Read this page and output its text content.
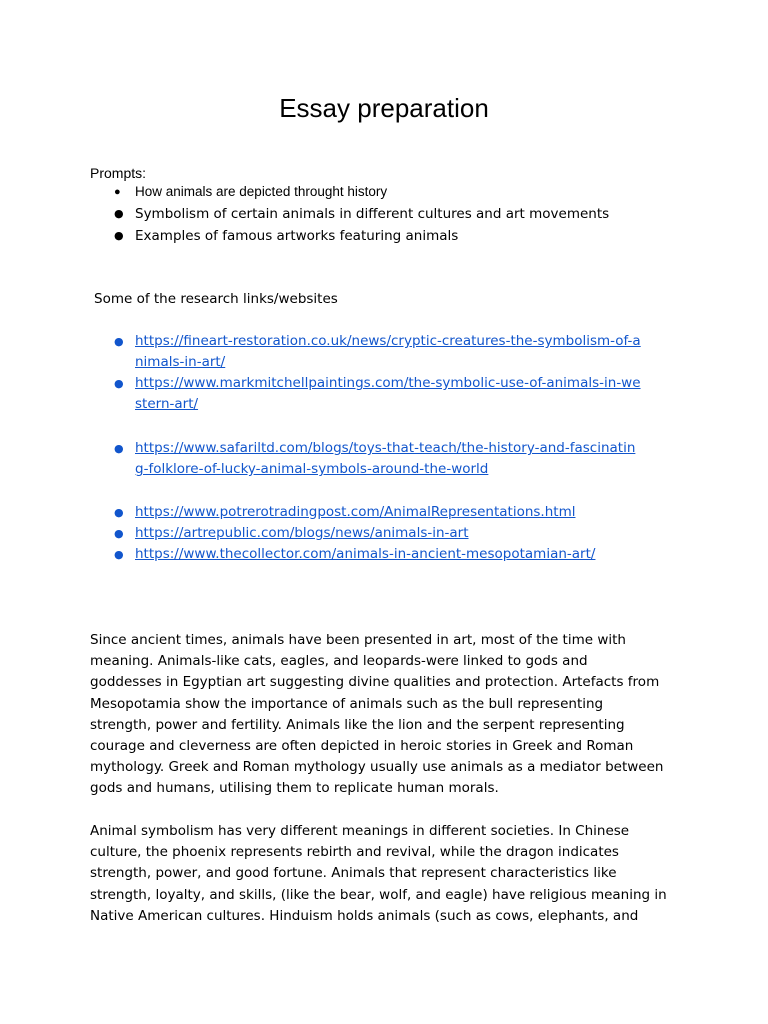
Essay preparation
Prompts:
● How animals are depicted throught history
● Symbolism of certain animals in different cultures and art movements
● Examples of famous artworks featuring animals
Some of the research links/websites
● https://fineart-restoration.co.uk/news/cryptic-creatures-the-symbolism-of-a
nimals-in-art/
● https://www.markmitchellpaintings.com/the-symbolic-use-of-animals-in-we
stern-art/
● https://www.safariltd.com/blogs/toys-that-teach/the-history-and-fascinatin
g-folklore-of-lucky-animal-symbols-around-the-world
● https://www.potrerotradingpost.com/AnimalRepresentations.html
● https://artrepublic.com/blogs/news/animals-in-art
● https://www.thecollector.com/animals-in-ancient-mesopotamian-art/
Since ancient times, animals have been presented in art, most of the time with
meaning. Animals-like cats, eagles, and leopards-were linked to gods and
goddesses in Egyptian art suggesting divine qualities and protection. Artefacts from
Mesopotamia show the importance of animals such as the bull representing
strength, power and fertility. Animals like the lion and the serpent representing
courage and cleverness are often depicted in heroic stories in Greek and Roman
mythology. Greek and Roman mythology usually use animals as a mediator between
gods and humans, utilising them to replicate human morals.
Animal symbolism has very different meanings in different societies. In Chinese
culture, the phoenix represents rebirth and revival, while the dragon indicates
strength, power, and good fortune. Animals that represent characteristics like
strength, loyalty, and skills, (like the bear, wolf, and eagle) have religious meaning in
Native American cultures. Hinduism holds animals (such as cows, elephants, and
